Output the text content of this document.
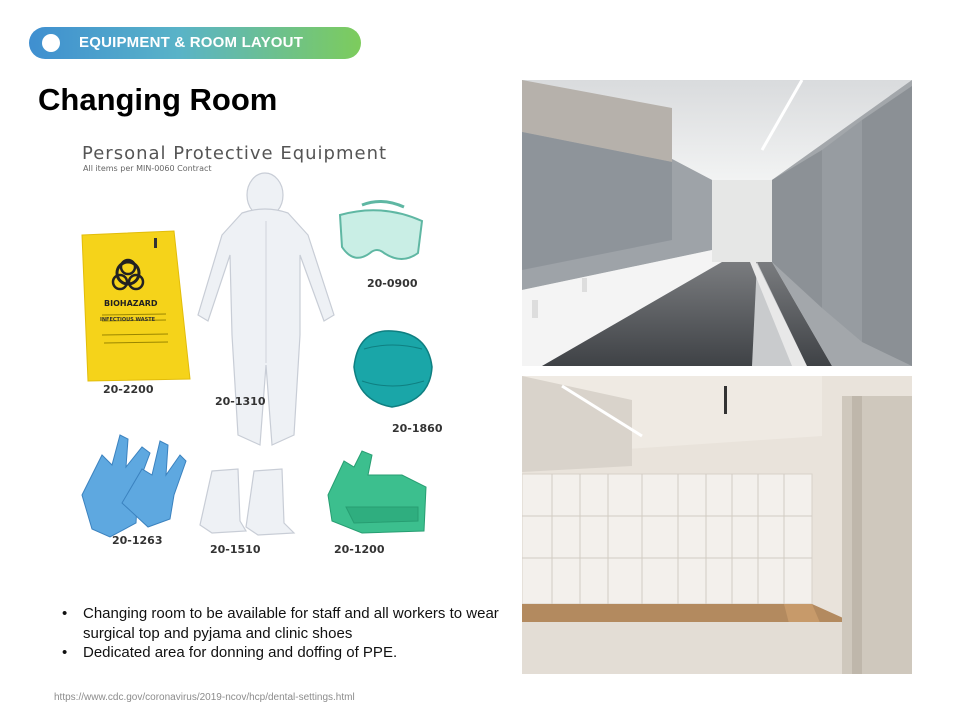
EQUIPMENT & ROOM LAYOUT
Changing Room
Personal Protective Equipment
All items per MIN-0060 Contract
BIOHAZARD
INFECTIOUS WASTE
20-2200
20-1310
20-0900
20-1860
20-1263
20-1510	20-1200
• Changing room to be available for staff and all workers to wear surgical top and pyjama and clinic shoes
• Dedicated area for donning and doffing of PPE.
https://www.cdc.gov/coronavirus/2019-ncov/hcp/dental-settings.html
